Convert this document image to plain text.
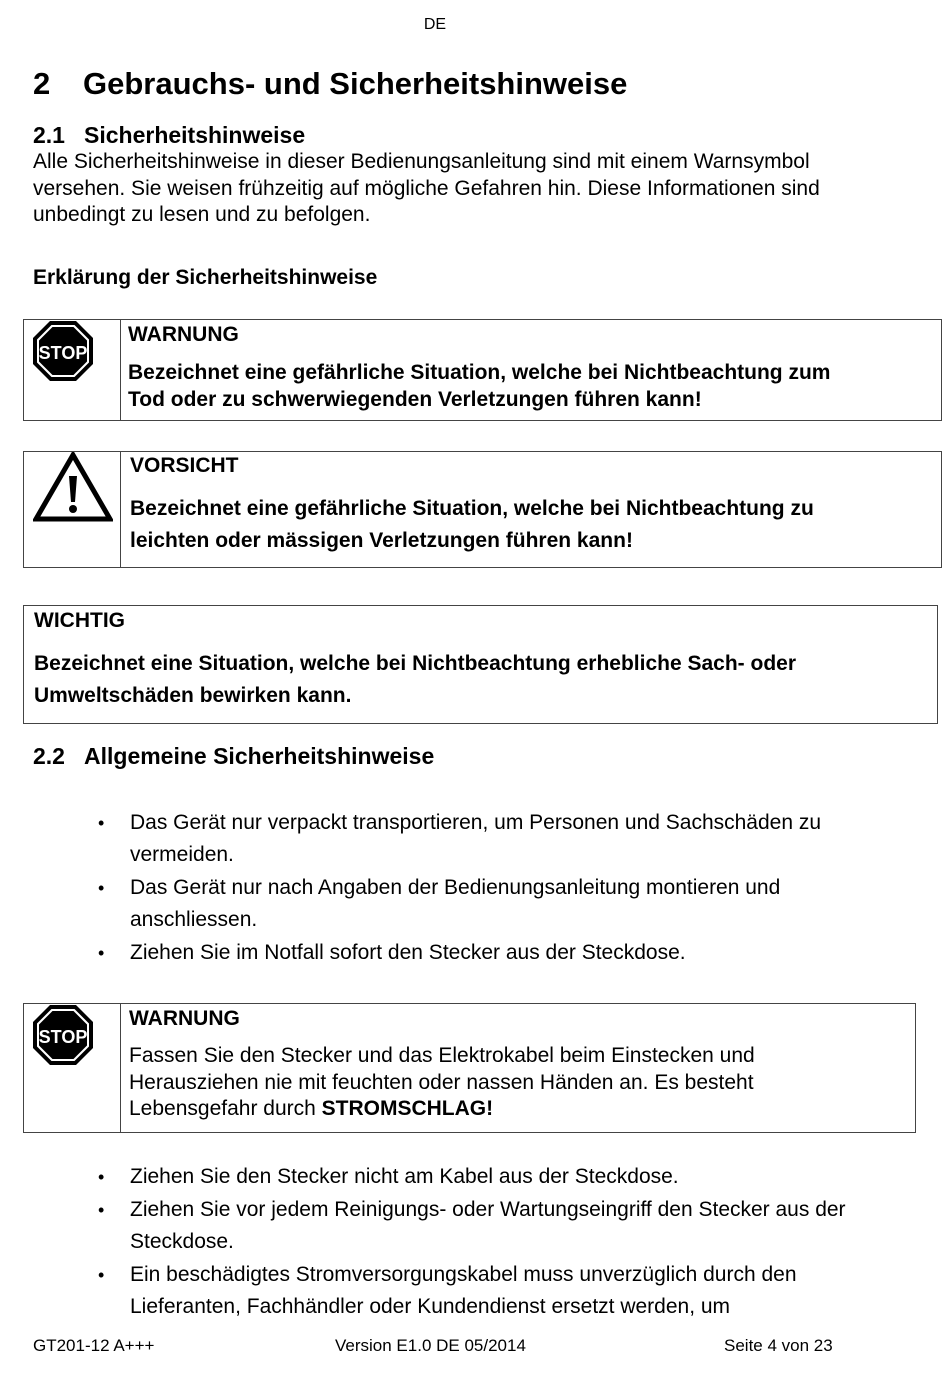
DE
2 Gebrauchs- und Sicherheitshinweise
2.1 Sicherheitshinweise
Alle Sicherheitshinweise in dieser Bedienungsanleitung sind mit einem Warnsymbol
versehen. Sie weisen frühzeitig auf mögliche Gefahren hin. Diese Informationen sind
unbedingt zu lesen und zu befolgen.
Erklärung der Sicherheitshinweise
STOP
WARNUNG
Bezeichnet eine gefährliche Situation, welche bei Nichtbeachtung zum
Tod oder zu schwerwiegenden Verletzungen führen kann!
VORSICHT
Bezeichnet eine gefährliche Situation, welche bei Nichtbeachtung zu
leichten oder mässigen Verletzungen führen kann!
WICHTIG
Bezeichnet eine Situation, welche bei Nichtbeachtung erhebliche Sach- oder
Umweltschäden bewirken kann.
2.2 Allgemeine Sicherheitshinweise
• Das Gerät nur verpackt transportieren, um Personen und Sachschäden zu vermeiden.
• Das Gerät nur nach Angaben der Bedienungsanleitung montieren und anschliessen.
• Ziehen Sie im Notfall sofort den Stecker aus der Steckdose.
STOP
WARNUNG
Fassen Sie den Stecker und das Elektrokabel beim Einstecken und
Herausziehen nie mit feuchten oder nassen Händen an. Es besteht
Lebensgefahr durch STROMSCHLAG!
• Ziehen Sie den Stecker nicht am Kabel aus der Steckdose.
• Ziehen Sie vor jedem Reinigungs- oder Wartungseingriff den Stecker aus der Steckdose.
• Ein beschädigtes Stromversorgungskabel muss unverzüglich durch den Lieferanten, Fachhändler oder Kundendienst ersetzt werden, um
GT201-12 A+++	Version E1.0 DE 05/2014	Seite 4 von 23
